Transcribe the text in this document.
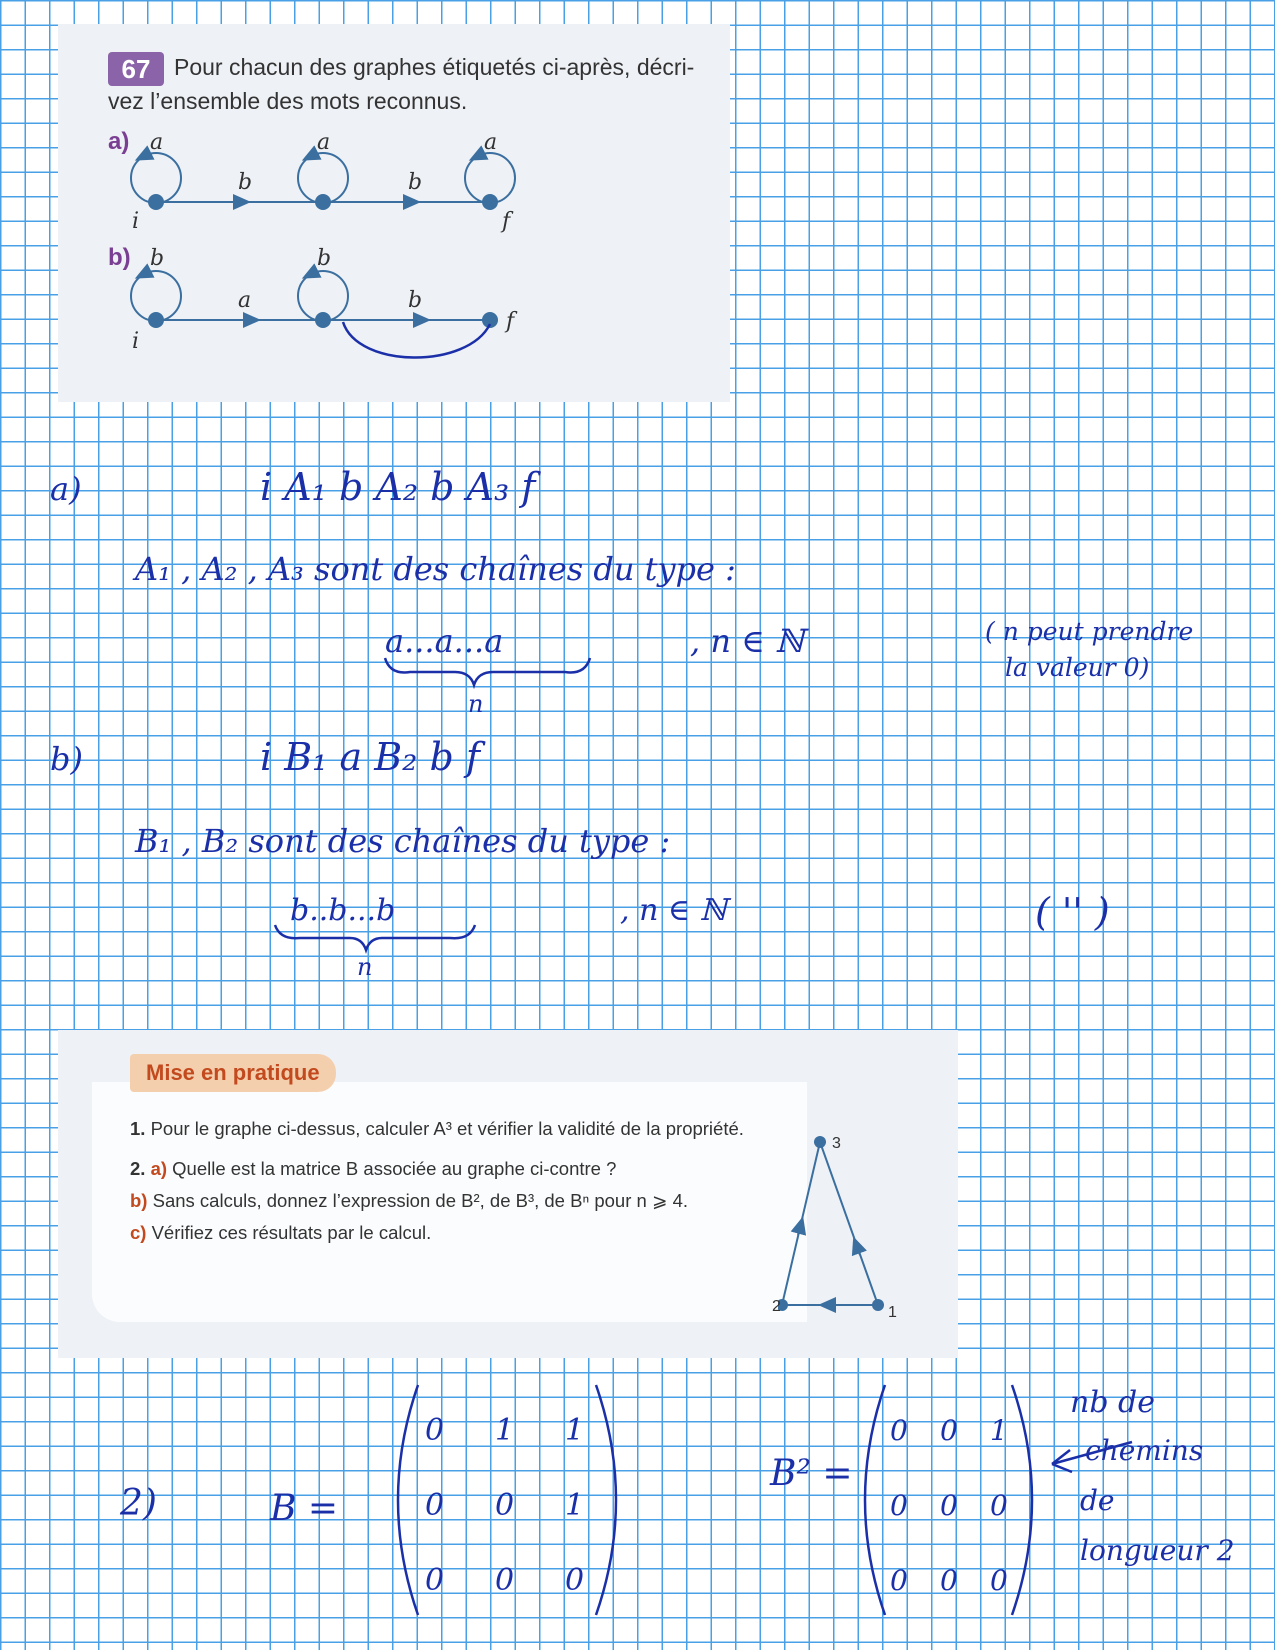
67	Pour chacun des graphes étiquetés ci-après, décri-
vez l’ensemble des mots reconnus.
a)
b)
a	a	a
b	b
i	f
b	b
a	b
i
f
a)	i A₁ b A₂ b A₃ f
A₁ , A₂ , A₃ sont des chaînes du type :
a...a...a
n
, n ∈ ℕ	( n peut prendre
la valeur 0)
b)	i B₁ a B₂ b f
B₁ , B₂ sont des chaînes du type :
b..b...b
n
, n ∈ ℕ	( '' )
Mise en pratique
1. Pour le graphe ci-dessus, calculer A³ et vérifier la validité de la propriété.
2. a) Quelle est la matrice B associée au graphe ci-contre ?
b) Sans calculs, donnez l’expression de B², de B³, de Bⁿ pour n ⩾ 4.
c) Vérifiez ces résultats par le calcul.
3
1
2
nb de
chemins
de
longueur 2
2)	B =
0 1 1
0 0 1
0 0 0
B² =
0 0 1
0 0 0
0 0 0
